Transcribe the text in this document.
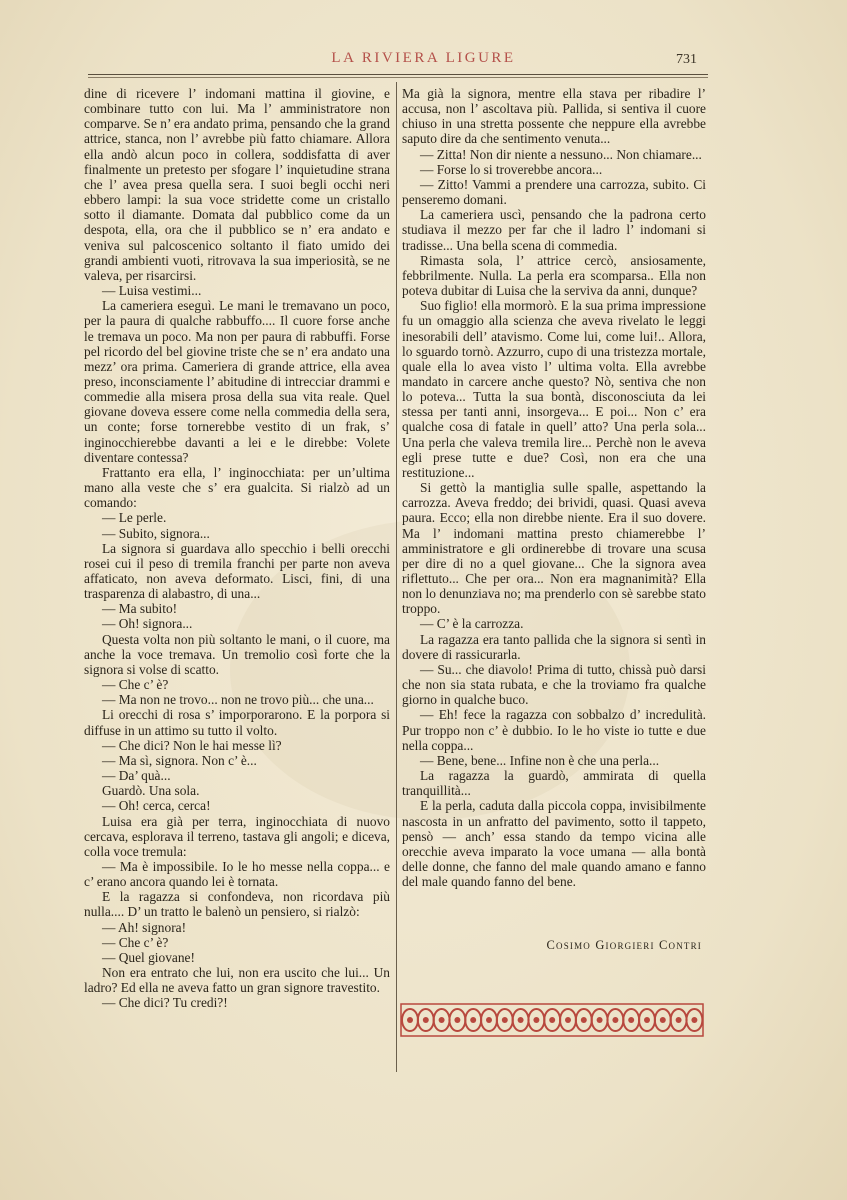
LA RIVIERA LIGURE	731

dine di ricevere l’ indomani mattina il giovine, e combinare tutto con lui. Ma l’ amministratore non comparve. Se n’ era andato prima, pensando che la grand attrice, stanca, non l’ avrebbe più fatto chiamare. Allora ella andò alcun poco in collera, soddisfatta di aver finalmente un pretesto per sfogare l’ inquietudine strana che l’ avea presa quella sera. I suoi begli occhi neri ebbero lampi: la sua voce stridette come un cristallo sotto il diamante. Domata dal pubblico come da un despota, ella, ora che il pubblico se n’ era andato e veniva sul palcoscenico soltanto il fiato umido dei grandi ambienti vuoti, ritrovava la sua imperiosità, se ne valeva, per risarcirsi.

— Luisa vestimi...

La cameriera eseguì. Le mani le tremavano un poco, per la paura di qualche rabbuffo.... Il cuore forse anche le tremava un poco. Ma non per paura di rabbuffi. Forse pel ricordo del bel giovine triste che se n’ era andato una mezz’ ora prima. Cameriera di grande attrice, ella avea preso, inconsciamente l’ abitudine di intrecciar drammi e commedie alla misera prosa della sua vita reale. Quel giovane doveva essere come nella commedia della sera, un conte; forse tornerebbe vestito di un frak, s’ inginocchierebbe davanti a lei e le direbbe: Volete diventare contessa?

Frattanto era ella, l’ inginocchiata: per un’ultima mano alla veste che s’ era gualcita. Si rialzò ad un comando:

— Le perle.

— Subito, signora...

La signora si guardava allo specchio i belli orecchi rosei cui il peso di tremila franchi per parte non aveva affaticato, non aveva deformato. Lisci, fini, di una trasparenza di alabastro, di una...

— Ma subito!

— Oh! signora...

Questa volta non più soltanto le mani, o il cuore, ma anche la voce tremava. Un tremolio così forte che la signora si volse di scatto.

— Che c’ è?

— Ma non ne trovo... non ne trovo più... che una...

Li orecchi di rosa s’ imporporarono. E la porpora si diffuse in un attimo su tutto il volto.

— Che dici? Non le hai messe lì?

— Ma sì, signora. Non c’ è...

— Da’ quà...

Guardò. Una sola.

— Oh! cerca, cerca!

Luisa era già per terra, inginocchiata di nuovo cercava, esplorava il terreno, tastava gli angoli; e diceva, colla voce tremula:

— Ma è impossibile. Io le ho messe nella coppa... e c’ erano ancora quando lei è tornata.

E la ragazza si confondeva, non ricordava più nulla.... D’ un tratto le balenò un pensiero, si rialzò:

— Ah! signora!

— Che c’ è?

— Quel giovane!

Non era entrato che lui, non era uscito che lui... Un ladro? Ed ella ne aveva fatto un gran signore travestito.

— Che dici? Tu credi?!

Ma già la signora, mentre ella stava per ribadire l’ accusa, non l’ ascoltava più. Pallida, si sentiva il cuore chiuso in una stretta possente che neppure ella avrebbe saputo dire da che sentimento venuta...

— Zitta! Non dir niente a nessuno... Non chiamare...

— Forse lo si troverebbe ancora...

— Zitto! Vammi a prendere una carrozza, subito. Ci penseremo domani.

La cameriera uscì, pensando che la padrona certo studiava il mezzo per far che il ladro l’ indomani si tradisse... Una bella scena di commedia.

Rimasta sola, l’ attrice cercò, ansiosamente, febbrilmente. Nulla. La perla era scomparsa.. Ella non poteva dubitar di Luisa che la serviva da anni, dunque?

Suo figlio! ella mormorò. E la sua prima impressione fu un omaggio alla scienza che aveva rivelato le leggi inesorabili dell’ atavismo. Come lui, come lui!.. Allora, lo sguardo tornò. Azzurro, cupo di una tristezza mortale, quale ella lo avea visto l’ ultima volta. Ella avrebbe mandato in carcere anche questo? Nò, sentiva che non lo poteva... Tutta la sua bontà, disconosciuta da lei stessa per tanti anni, insorgeva... E poi... Non c’ era qualche cosa di fatale in quell’ atto? Una perla sola... Una perla che valeva tremila lire... Perchè non le aveva egli prese tutte e due? Così, non era che una restituzione...

Si gettò la mantiglia sulle spalle, aspettando la carrozza. Aveva freddo; dei brividi, quasi. Quasi aveva paura. Ecco; ella non direbbe niente. Era il suo dovere. Ma l’ indomani mattina presto chiamerebbe l’ amministratore e gli ordinerebbe di trovare una scusa per dire di no a quel giovane... Che la signora avea riflettuto... Che per ora... Non era magnanimità? Ella non lo denunziava no; ma prenderlo con sè sarebbe stato troppo.

— C’ è la carrozza.

La ragazza era tanto pallida che la signora si sentì in dovere di rassicurarla.

— Su... che diavolo! Prima di tutto, chissà può darsi che non sia stata rubata, e che la troviamo fra qualche giorno in qualche buco.

— Eh! fece la ragazza con sobbalzo d’ incredulità. Pur troppo non c’ è dubbio. Io le ho viste io tutte e due nella coppa...

— Bene, bene... Infine non è che una perla...

La ragazza la guardò, ammirata di quella tranquillità...

E la perla, caduta dalla piccola coppa, invisibilmente nascosta in un anfratto del pavimento, sotto il tappeto, pensò — anch’ essa stando da tempo vicina alle orecchie aveva imparato la voce umana — alla bontà delle donne, che fanno del male quando amano e fanno del male quando fanno del bene.

Cosimo Giorgieri Contri
